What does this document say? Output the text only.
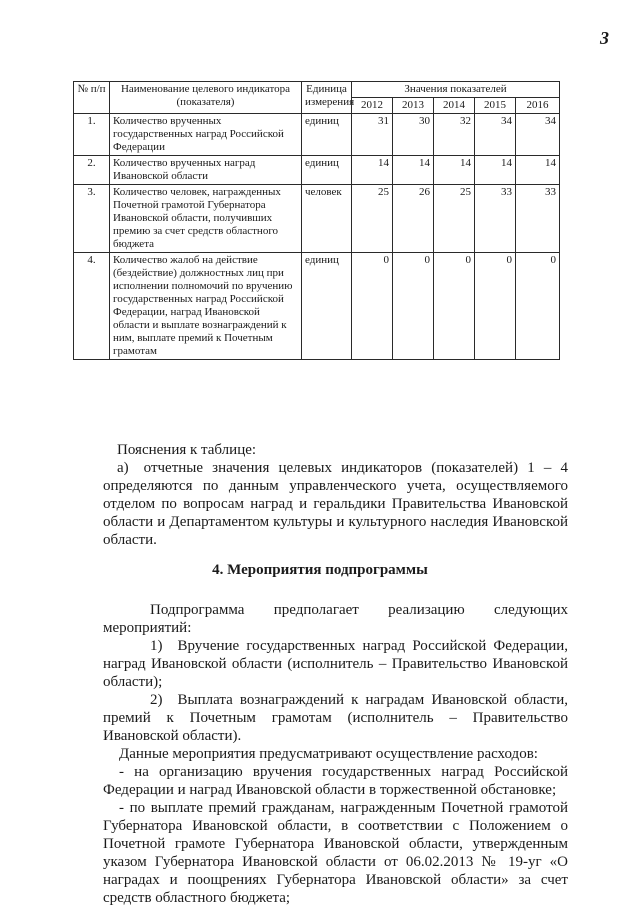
3
№ п/п	Наименование целевого индикатора (показателя)	Единица измерения	Значения показателей				
			2012	2013	2014	2015	2016
1.	Количество врученных государственных наград Российской Федерации	единиц	31	30	32	34	34
2.	Количество врученных наград Ивановской области	единиц	14	14	14	14	14
3.	Количество человек, награжденных Почетной грамотой Губернатора Ивановской области, получивших премию за счет средств областного бюджета	человек	25	26	25	33	33
4.	Количество жалоб на действие (бездействие) должностных лиц при исполнении полномочий по вручению государственных наград Российской Федерации, наград Ивановской области и выплате вознаграждений к ним, выплате премий к Почетным грамотам	единиц	0	0	0	0	0

Пояснения к таблице:

а) отчетные значения целевых индикаторов (показателей) 1 – 4 определяются по данным управленческого учета, осуществляемого отделом по вопросам наград и геральдики Правительства Ивановской области и Департаментом культуры и культурного наследия Ивановской области.

4. Мероприятия подпрограммы

Подпрограмма предполагает реализацию следующих мероприятий:

1) Вручение государственных наград Российской Федерации, наград Ивановской области (исполнитель – Правительство Ивановской области);

2) Выплата вознаграждений к наградам Ивановской области, премий к Почетным грамотам (исполнитель – Правительство Ивановской области).

Данные мероприятия предусматривают осуществление расходов:

- на организацию вручения государственных наград Российской Федерации и наград Ивановской области в торжественной обстановке;

- по выплате премий гражданам, награжденным Почетной грамотой Губернатора Ивановской области, в соответствии с Положением о Почетной грамоте Губернатора Ивановской области, утвержденным указом Губернатора Ивановской области от 06.02.2013 № 19-уг «О наградах и поощрениях Губернатора Ивановской области» за счет средств областного бюджета;
